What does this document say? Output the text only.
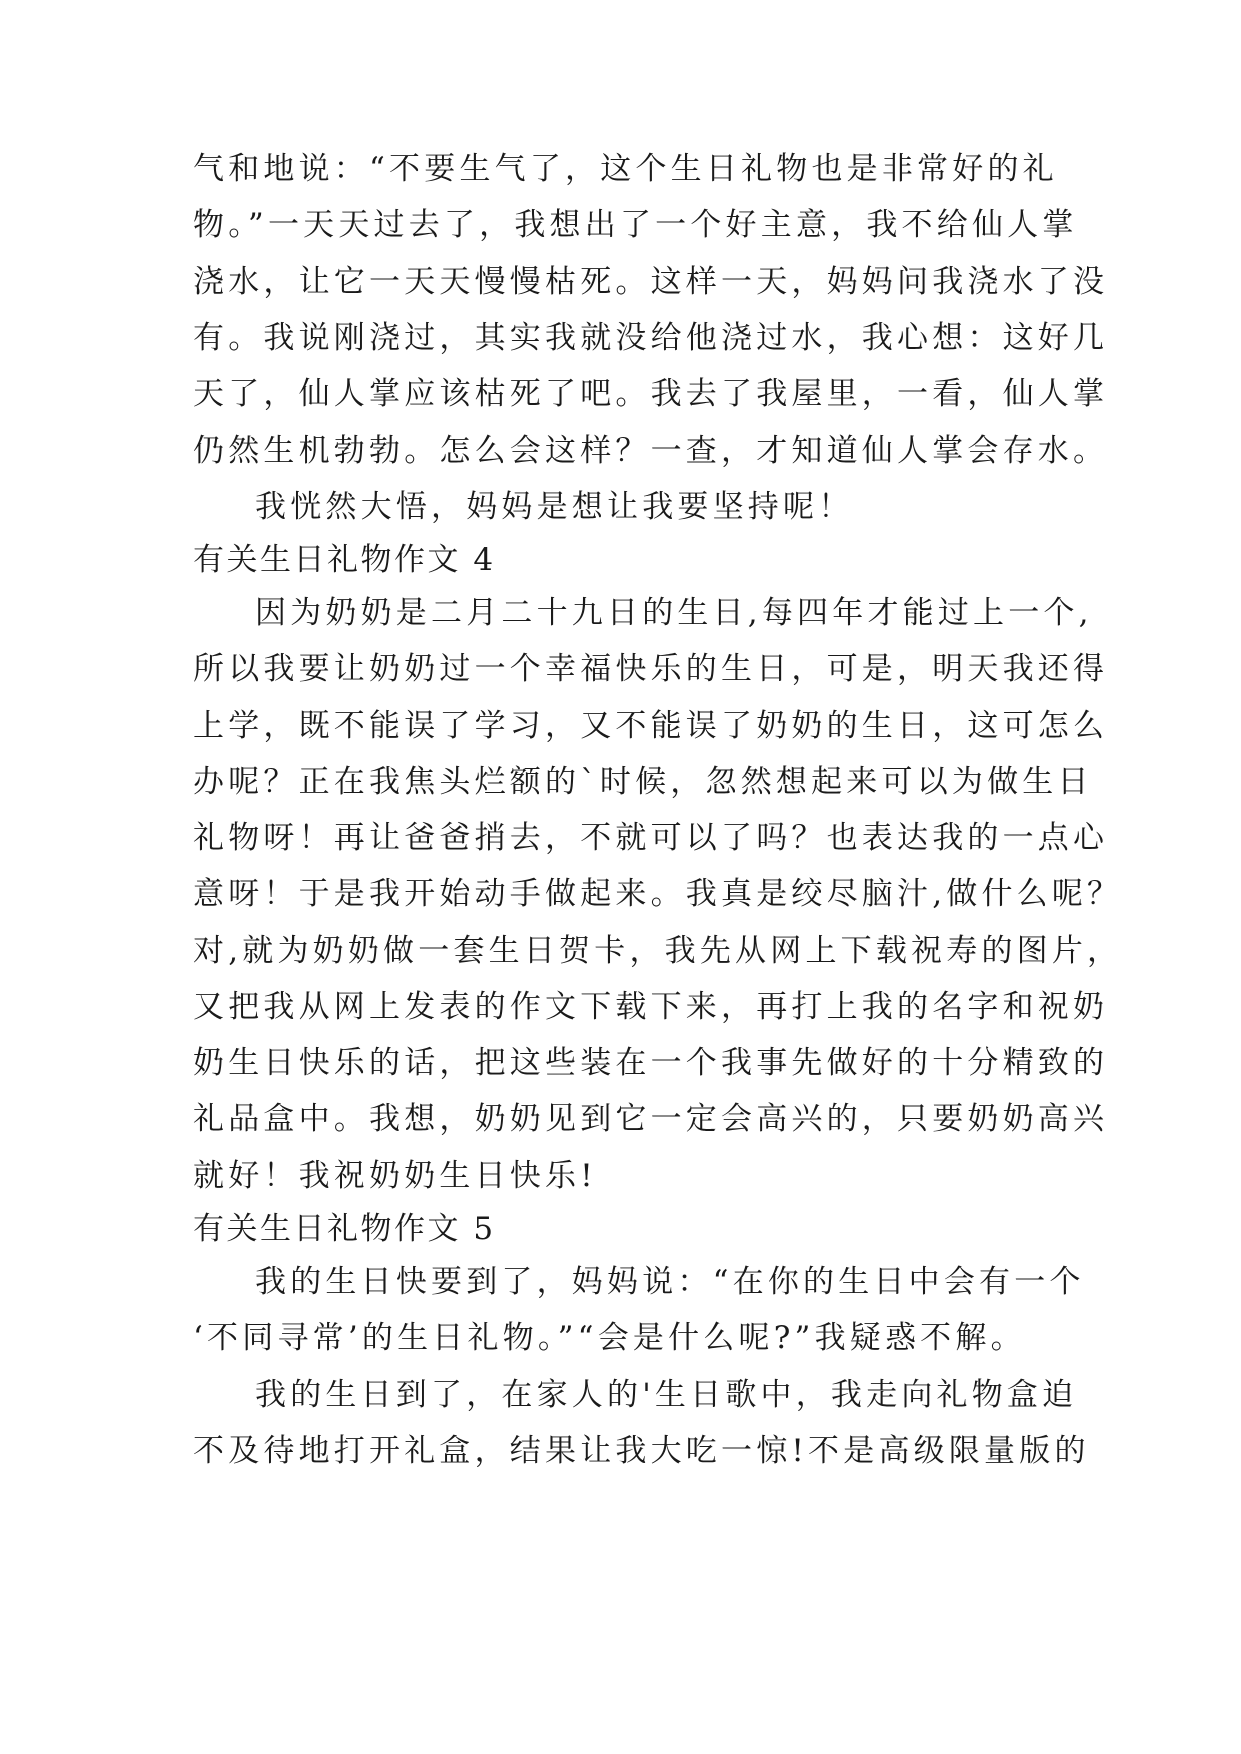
气和地说：“不要生气了，这个生日礼物也是非常好的礼
物。”一天天过去了，我想出了一个好主意，我不给仙人掌
浇水，让它一天天慢慢枯死。这样一天，妈妈问我浇水了没
有。我说刚浇过，其实我就没给他浇过水，我心想：这好几
天了，仙人掌应该枯死了吧。我去了我屋里，一看，仙人掌
仍然生机勃勃。怎么会这样？一查，才知道仙人掌会存水。
我恍然大悟，妈妈是想让我要坚持呢！
有关生日礼物作文 4
因为奶奶是二月二十九日的生日,每四年才能过上一个,
所以我要让奶奶过一个幸福快乐的生日，可是，明天我还得
上学，既不能误了学习，又不能误了奶奶的生日，这可怎么
办呢？正在我焦头烂额的`时候，忽然想起来可以为做生日
礼物呀！再让爸爸捎去，不就可以了吗？也表达我的一点心
意呀！于是我开始动手做起来。我真是绞尽脑汁,做什么呢？
对,就为奶奶做一套生日贺卡，我先从网上下载祝寿的图片，
又把我从网上发表的作文下载下来，再打上我的名字和祝奶
奶生日快乐的话，把这些装在一个我事先做好的十分精致的
礼品盒中。我想，奶奶见到它一定会高兴的，只要奶奶高兴
就好！我祝奶奶生日快乐!
有关生日礼物作文 5
我的生日快要到了，妈妈说：“在你的生日中会有一个
‘不同寻常’的生日礼物。”“会是什么呢?”我疑惑不解。
我的生日到了，在家人的'生日歌中，我走向礼物盒迫
不及待地打开礼盒，结果让我大吃一惊!不是高级限量版的
